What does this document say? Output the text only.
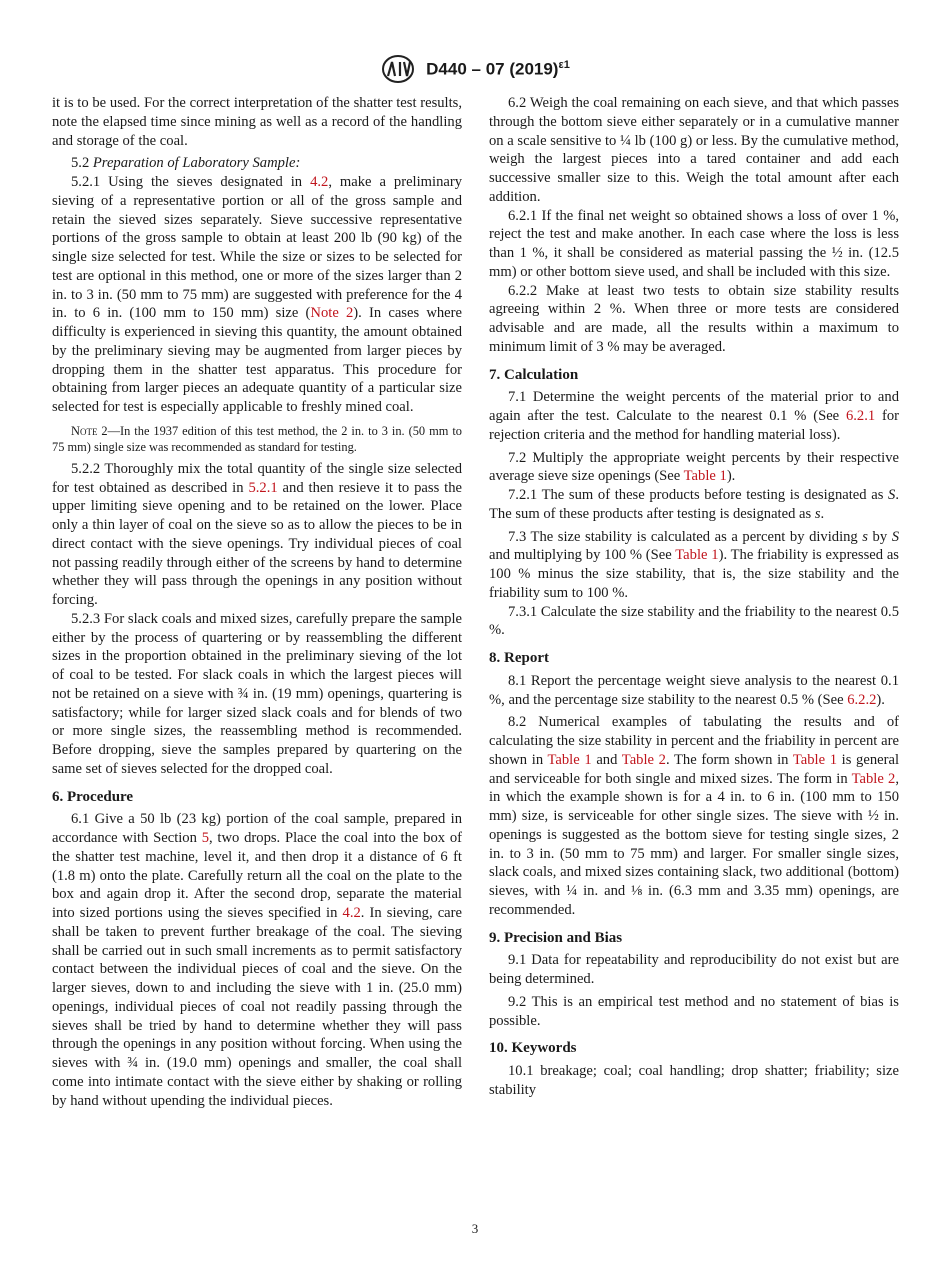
D440 – 07 $(2019)^{\varepsilon 1}$

it is to be used. For the correct interpretation of the shatter test results, note the elapsed time since mining as well as a record of the handling and storage of the coal.

5.2 Preparation of Laboratory Sample:

5.2.1 Using the sieves designated in 4.2, make a preliminary sieving of a representative portion or all of the gross sample and retain the sieved sizes separately. Sieve successive representative portions of the gross sample to obtain at least 200 lb (90 kg) of the single size selected for test. While the size or sizes to be selected for test are optional in this method, one or more of the sizes larger than 2 in. to 3 in. (50 mm to 75 mm) are suggested with preference for the 4 in. to 6 in. (100 mm to 150 mm) size (Note 2). In cases where difficulty is experienced in sieving this quantity, the amount obtained by the preliminary sieving may be augmented from larger pieces by dropping them in the shatter test apparatus. This procedure for obtaining from larger pieces an adequate quantity of a particular size selected for test is especially applicable to freshly mined coal.

Note 2—In the 1937 edition of this test method, the 2 in. to 3 in. (50 mm to 75 mm) single size was recommended as standard for testing.

5.2.2 Thoroughly mix the total quantity of the single size selected for test obtained as described in 5.2.1 and then resieve it to pass the upper limiting sieve opening and to be retained on the lower. Place only a thin layer of coal on the sieve so as to allow the pieces to be in direct contact with the sieve openings. Try individual pieces of coal not passing readily through either of the screens by hand to determine whether they will pass through the openings in any position without forcing.

5.2.3 For slack coals and mixed sizes, carefully prepare the sample either by the process of quartering or by reassembling the different sizes in the proportion obtained in the preliminary sieving of the lot of coal to be tested. For slack coals in which the largest pieces will not be retained on a sieve with ¾ in. (19 mm) openings, quartering is satisfactory; while for larger sized slack coals and for blends of two or more single sizes, the reassembling method is recommended. Before dropping, sieve the samples prepared by quartering on the same set of sieves selected for the dropped coal.

6. Procedure

6.1 Give a 50 lb (23 kg) portion of the coal sample, prepared in accordance with Section 5, two drops. Place the coal into the box of the shatter test machine, level it, and then drop it a distance of 6 ft (1.8 m) onto the plate. Carefully return all the coal on the plate to the box and again drop it. After the second drop, separate the material into sized portions using the sieves specified in 4.2. In sieving, care shall be taken to prevent further breakage of the coal. The sieving shall be carried out in such small increments as to permit satisfactory contact between the individual pieces of coal and the sieve. On the larger sieves, down to and including the sieve with 1 in. (25.0 mm) openings, individual pieces of coal not readily passing through the sieves shall be tried by hand to determine whether they will pass through the openings in any position without forcing. When using the sieves with ¾ in. (19.0 mm) openings and smaller, the coal shall come into intimate contact with the sieve either by shaking or rolling by hand without upending the individual pieces.

6.2 Weigh the coal remaining on each sieve, and that which passes through the bottom sieve either separately or in a cumulative manner on a scale sensitive to ¼ lb (100 g) or less. By the cumulative method, weigh the largest pieces into a tared container and add each successive smaller size to this. Weigh the total amount after each addition.

6.2.1 If the final net weight so obtained shows a loss of over 1 %, reject the test and make another. In each case where the loss is less than 1 %, it shall be considered as material passing the ½ in. (12.5 mm) or other bottom sieve used, and shall be included with this size.

6.2.2 Make at least two tests to obtain size stability results agreeing within 2 %. When three or more tests are considered advisable and are made, all the results within a maximum to minimum limit of 3 % may be averaged.

7. Calculation

7.1 Determine the weight percents of the material prior to and again after the test. Calculate to the nearest 0.1 % (See 6.2.1 for rejection criteria and the method for handling material loss).

7.2 Multiply the appropriate weight percents by their respective average sieve size openings (See Table 1).

7.2.1 The sum of these products before testing is designated as S. The sum of these products after testing is designated as s.

7.3 The size stability is calculated as a percent by dividing s by S and multiplying by 100 % (See Table 1). The friability is expressed as 100 % minus the size stability, that is, the size stability and the friability sum to 100 %.

7.3.1 Calculate the size stability and the friability to the nearest 0.5 %.

8. Report

8.1 Report the percentage weight sieve analysis to the nearest 0.1 %, and the percentage size stability to the nearest 0.5 % (See 6.2.2).

8.2 Numerical examples of tabulating the results and of calculating the size stability in percent and the friability in percent are shown in Table 1 and Table 2. The form shown in Table 1 is general and serviceable for both single and mixed sizes. The form in Table 2, in which the example shown is for a 4 in. to 6 in. (100 mm to 150 mm) size, is serviceable for other single sizes. The sieve with ½ in. openings is suggested as the bottom sieve for testing single sizes, 2 in. to 3 in. (50 mm to 75 mm) and larger. For smaller single sizes, slack coals, and mixed sizes containing slack, two additional (bottom) sieves, with ¼ in. and ⅛ in. (6.3 mm and 3.35 mm) openings, are recommended.

9. Precision and Bias

9.1 Data for repeatability and reproducibility do not exist but are being determined.

9.2 This is an empirical test method and no statement of bias is possible.

10. Keywords

10.1 breakage; coal; coal handling; drop shatter; friability; size stability

3
